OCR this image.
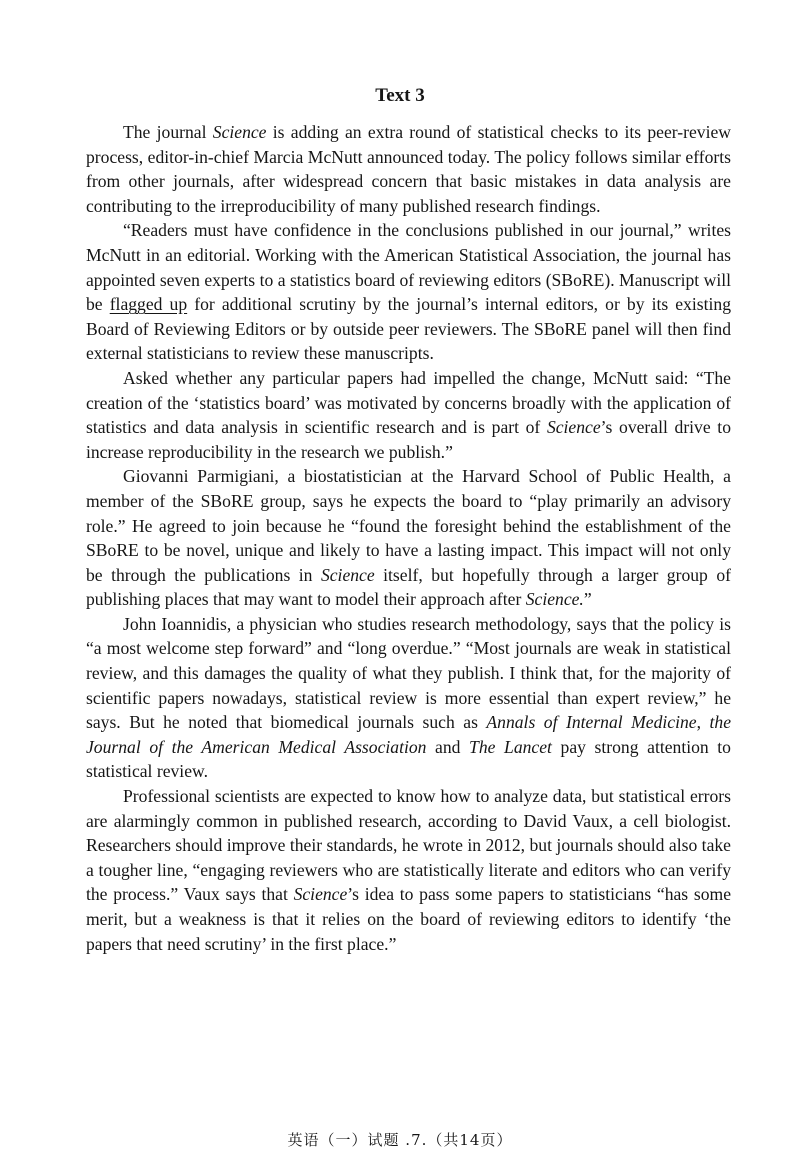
Text 3

The journal Science is adding an extra round of statistical checks to its peer-review process, editor-in-chief Marcia McNutt announced today. The policy follows similar efforts from other journals, after widespread concern that basic mistakes in data analysis are contributing to the irreproducibility of many published research findings.

“Readers must have confidence in the conclusions published in our journal,” writes McNutt in an editorial. Working with the American Statistical Association, the journal has appointed seven experts to a statistics board of reviewing editors (SBoRE). Manuscript will be flagged up for additional scrutiny by the journal’s internal editors, or by its existing Board of Reviewing Editors or by outside peer reviewers. The SBoRE panel will then find external statisticians to review these manuscripts.

Asked whether any particular papers had impelled the change, McNutt said: “The creation of the ‘statistics board’ was motivated by concerns broadly with the application of statistics and data analysis in scientific research and is part of Science’s overall drive to increase reproducibility in the research we publish.”

Giovanni Parmigiani, a biostatistician at the Harvard School of Public Health, a member of the SBoRE group, says he expects the board to “play primarily an advisory role.” He agreed to join because he “found the foresight behind the establishment of the SBoRE to be novel, unique and likely to have a lasting impact. This impact will not only be through the publications in Science itself, but hopefully through a larger group of publishing places that may want to model their approach after Science.”

John Ioannidis, a physician who studies research methodology, says that the policy is “a most welcome step forward” and “long overdue.” “Most journals are weak in statistical review, and this damages the quality of what they publish. I think that, for the majority of scientific papers nowadays, statistical review is more essential than expert review,” he says. But he noted that biomedical journals such as Annals of Internal Medicine, the Journal of the American Medical Association and The Lancet pay strong attention to statistical review.

Professional scientists are expected to know how to analyze data, but statistical errors are alarmingly common in published research, according to David Vaux, a cell biologist. Researchers should improve their standards, he wrote in 2012, but journals should also take a tougher line, “engaging reviewers who are statistically literate and editors who can verify the process.” Vaux says that Science’s idea to pass some papers to statisticians “has some merit, but a weakness is that it relies on the board of reviewing editors to identify ‘the papers that need scrutiny’ in the first place.”

英语（一）试题 .7.（共14页）
